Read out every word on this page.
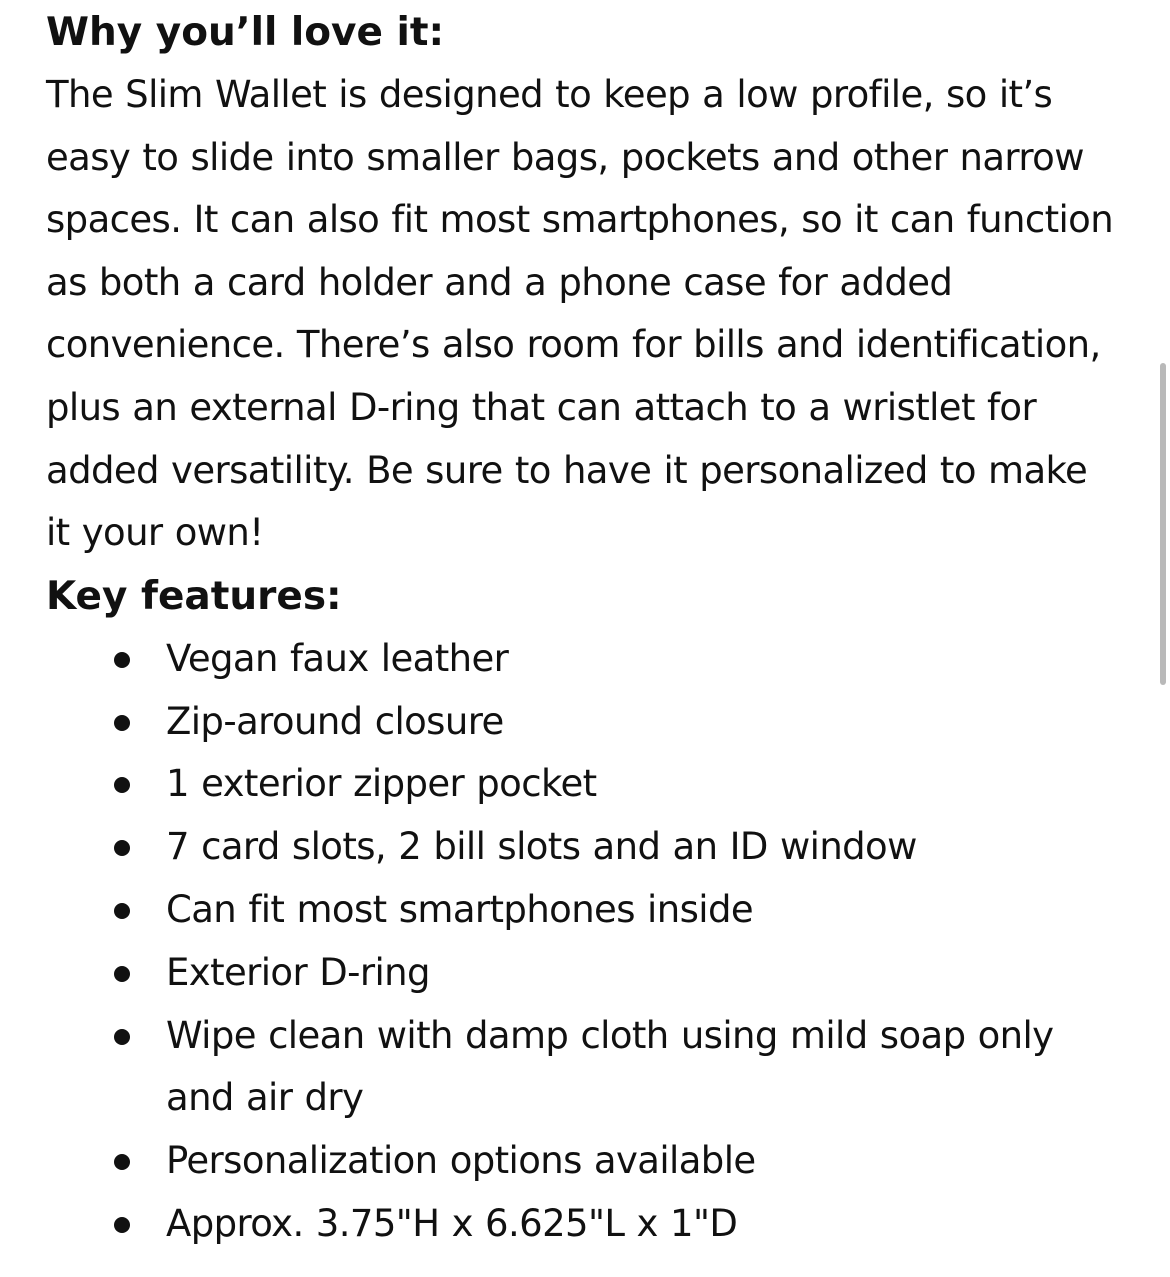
Why you’ll love it:

The Slim Wallet is designed to keep a low profile, so it’s
easy to slide into smaller bags, pockets and other narrow
spaces. It can also fit most smartphones, so it can function
as both a card holder and a phone case for added
convenience. There’s also room for bills and identification,
plus an external D-ring that can attach to a wristlet for
added versatility. Be sure to have it personalized to make
it your own!

Key features:
Vegan faux leather
Zip-around closure
1 exterior zipper pocket
7 card slots, 2 bill slots and an ID window
Can fit most smartphones inside
Exterior D-ring
Wipe clean with damp cloth using mild soap only
and air dry
Personalization options available
Approx. 3.75"H x 6.625"L x 1"D
